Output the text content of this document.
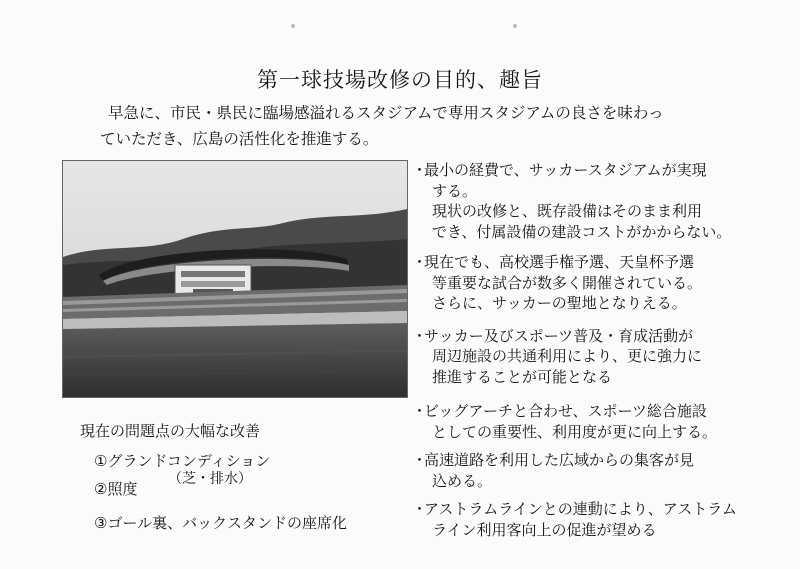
第一球技場改修の目的、趣旨

早急に、市民・県民に臨場感溢れるスタジアムで専用スタジアムの良さを味わっ

ていただき、広島の活性化を推進する。

・

最小の経費で、サッカースタジアムが実現

する。

現状の改修と、既存設備はそのまま利用

でき、付属設備の建設コストがかからない。

・

現在でも、高校選手権予選、天皇杯予選

等重要な試合が数多く開催されている。

さらに、サッカーの聖地となりえる。

・

サッカー及びスポーツ普及・育成活動が

周辺施設の共通利用により、更に強力に

推進することが可能となる

・

ビッグアーチと合わせ、スポーツ総合施設

としての重要性、利用度が更に向上する。

・

高速道路を利用した広域からの集客が見

込める。

・

アストラムラインとの連動により、アストラム

ライン利用客向上の促進が望める

現在の問題点の大幅な改善
①グランドコンディション
②照度
（芝・排水）
③ゴール裏、バックスタンドの座席化
